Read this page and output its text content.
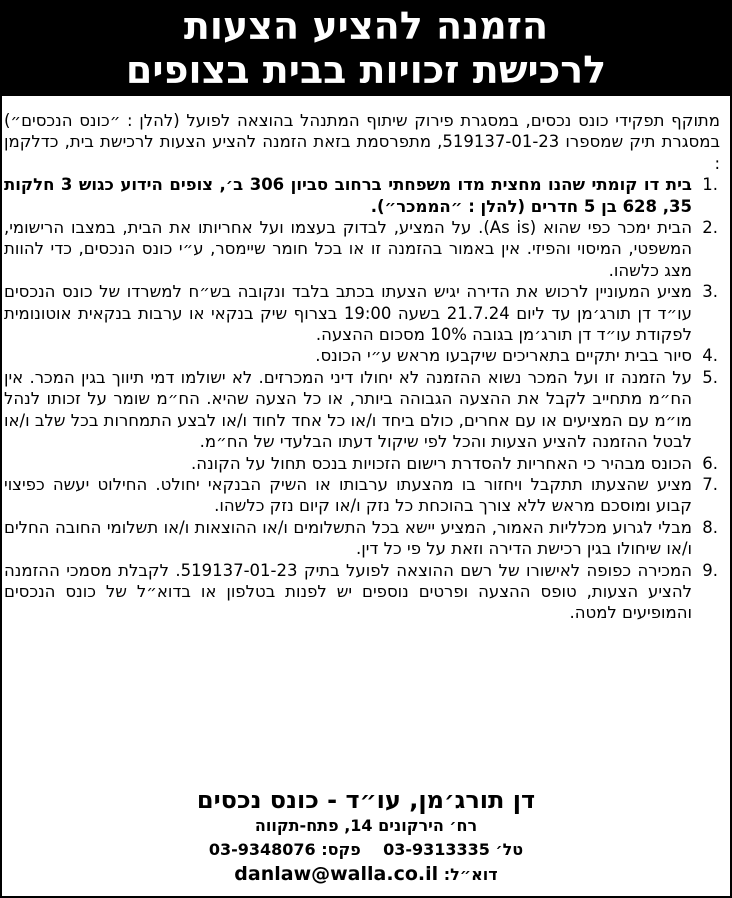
הזמנה להציע הצעות
לרכישת זכויות בבית בצופים

מתוקף תפקידי כונס נכסים, במסגרת פירוק שיתוף המתנהל בהוצאה לפועל (להלן : ״כונס הנכסים״) במסגרת תיק שמספרו 519137-01-23, מתפרסמת בזאת הזמנה להציע הצעות לרכישת בית, כדלקמן :

1.
בית דו קומתי שהנו מחצית מדו משפחתי ברחוב סביון 306 ב׳, צופים הידוע כגוש 3 חלקות 35, 628 בן 5 חדרים (להלן : ״הממכר״).
2.
הבית ימכר כפי שהוא (As is). על המציע, לבדוק בעצמו ועל אחריותו את הבית, במצבו הרישומי, המשפטי, המיסוי והפיזי. אין באמור בהזמנה זו או בכל חומר שיימסר, ע״י כונס הנכסים, כדי להוות מצג כלשהו.
3.
מציע המעוניין לרכוש את הדירה יגיש הצעתו בכתב בלבד ונקובה בש״ח למשרדו של כונס הנכסים עו״ד דן תורג׳מן עד ליום 21.7.24 בשעה 19:00 בצרוף שיק בנקאי או ערבות בנקאית אוטונומית לפקודת עו״ד דן תורג׳מן בגובה 10% מסכום ההצעה.
4.
סיור בבית יתקיים בתאריכים שיקבעו מראש ע״י הכונס.
5.
על הזמנה זו ועל המכר נשוא ההזמנה לא יחולו דיני המכרזים. לא ישולמו דמי תיווך בגין המכר. אין הח״מ מתחייב לקבל את ההצעה הגבוהה ביותר, או כל הצעה שהיא. הח״מ שומר על זכותו לנהל מו״מ עם המציעים או עם אחרים, כולם ביחד ו/או כל אחד לחוד ו/או לבצע התמחרות בכל שלב ו/או לבטל ההזמנה להציע הצעות והכל לפי שיקול דעתו הבלעדי של הח״מ.
6.
הכונס מבהיר כי האחריות להסדרת רישום הזכויות בנכס תחול על הקונה.
7.
מציע שהצעתו תתקבל ויחזור בו מהצעתו ערבותו או השיק הבנקאי יחולט. החילוט יעשה כפיצוי קבוע ומוסכם מראש ללא צורך בהוכחת כל נזק ו/או קיום נזק כלשהו.
8.
מבלי לגרוע מכלליות האמור, המציע יישא בכל התשלומים ו/או ההוצאות ו/או תשלומי החובה החלים ו/או שיחולו בגין רכישת הדירה וזאת על פי כל דין.
9.
המכירה כפופה לאישורו של רשם ההוצאה לפועל בתיק 519137-01-23. לקבלת מסמכי ההזמנה להציע הצעות, טופס ההצעה ופרטים נוספים יש לפנות בטלפון או בדוא״ל של כונס הנכסים והמופיעים למטה.
דן תורג׳מן, עו״ד - כונס נכסים
רח׳ הירקונים 14, פתח-תקווה
טל׳ 03-9313335    פקס: 03-9348076
דוא״ל: danlaw@walla.co.il
